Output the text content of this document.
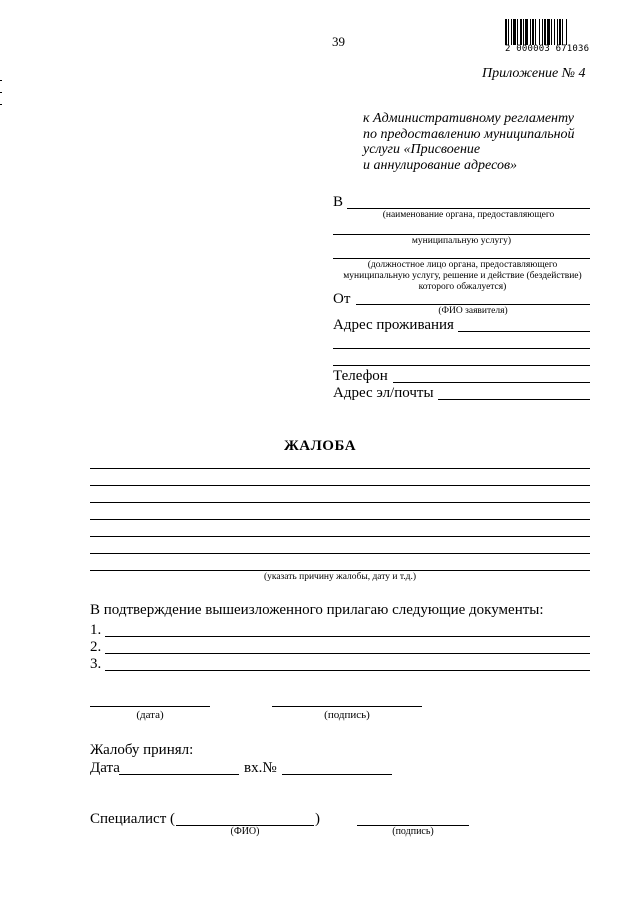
39	2 000003 671036
Приложение № 4
к Административному регламенту
по предоставлению муниципальной
услуги «Присвоение
и аннулирование адресов»
В
(наименование органа, предоставляющего
муниципальную услугу)
(должностное лицо органа, предоставляющего муниципальную услугу, решение и действие (бездействие) которого обжалуется)
От
(ФИО заявителя)
Адрес проживания
Телефон
Адрес эл/почты
ЖАЛОБА
(указать причину жалобы, дату и т.д.)
В подтверждение вышеизложенного прилагаю следующие документы:
1.
2.
3.
(дата)	(подпись)
Жалобу принял:
Дата	вх.№
Специалист (	)
(ФИО)	(подпись)
